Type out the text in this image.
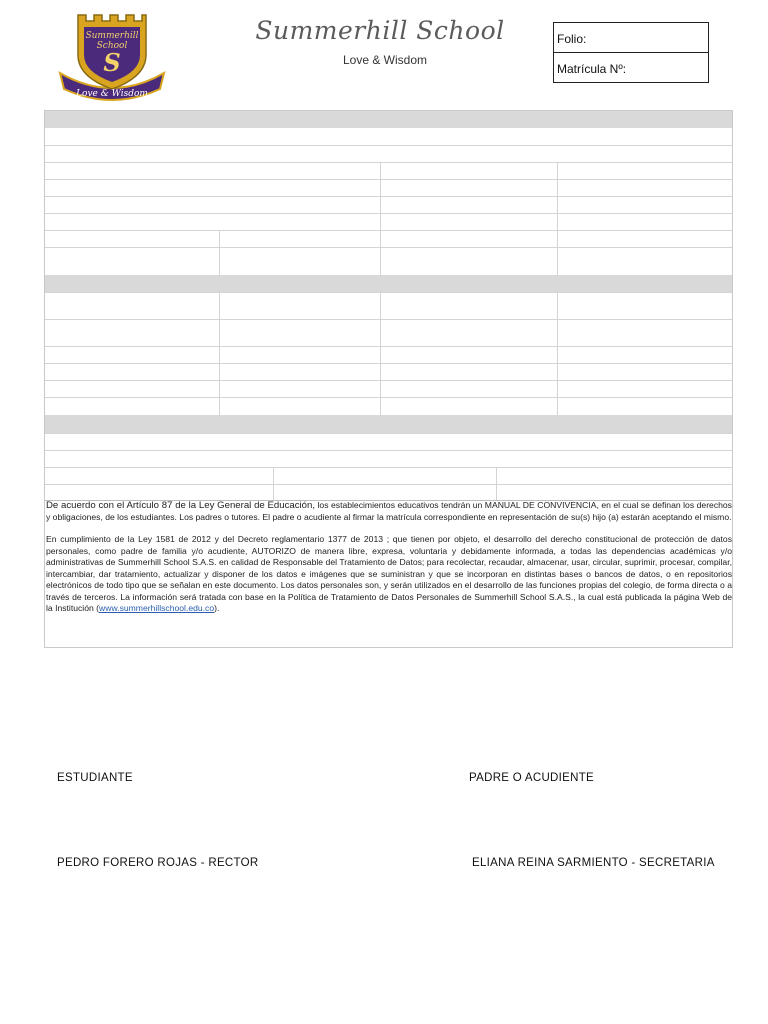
Summerhill
School
S
Love & Wisdom
Summerhill School
Love & Wisdom
Folio:
Matrícula Nº:

De acuerdo con el Artículo 87 de la Ley General de Educación, los establecimientos educativos tendrán un MANUAL DE CONVIVENCIA, en el cual se definan los derechos y obligaciones, de los estudiantes. Los padres o tutores. El padre o acudiente al firmar la matrícula correspondiente en representación de su(s) hijo (a) estarán aceptando el mismo.

En cumplimiento de la Ley 1581 de 2012 y del Decreto reglamentario 1377 de 2013 ; que tienen por objeto, el desarrollo del derecho constitucional de protección de datos personales, como padre de familia y/o acudiente, AUTORIZO de manera libre, expresa, voluntaria y debidamente informada, a todas las dependencias académicas y/o administrativas de Summerhill School S.A.S. en calidad de Responsable del Tratamiento de Datos; para recolectar, recaudar, almacenar, usar, circular, suprimir, procesar, compilar, intercambiar, dar tratamiento, actualizar y disponer de los datos e imágenes que se suministran y que se incorporan en distintas bases o bancos de datos, o en repositorios electrónicos de todo tipo que se señalan en este documento. Los datos personales son, y serán utilizados en el desarrollo de las funciones propias del colegio, de forma directa o a través de terceros. La información será tratada con base en la Política de Tratamiento de Datos Personales de Summerhill School S.A.S., la cual está publicada la página Web de la Institución (www.summerhillschool.edu.co).

ESTUDIANTE	PADRE O ACUDIENTE
PEDRO FORERO ROJAS - RECTOR	ELIANA REINA SARMIENTO - SECRETARIA
